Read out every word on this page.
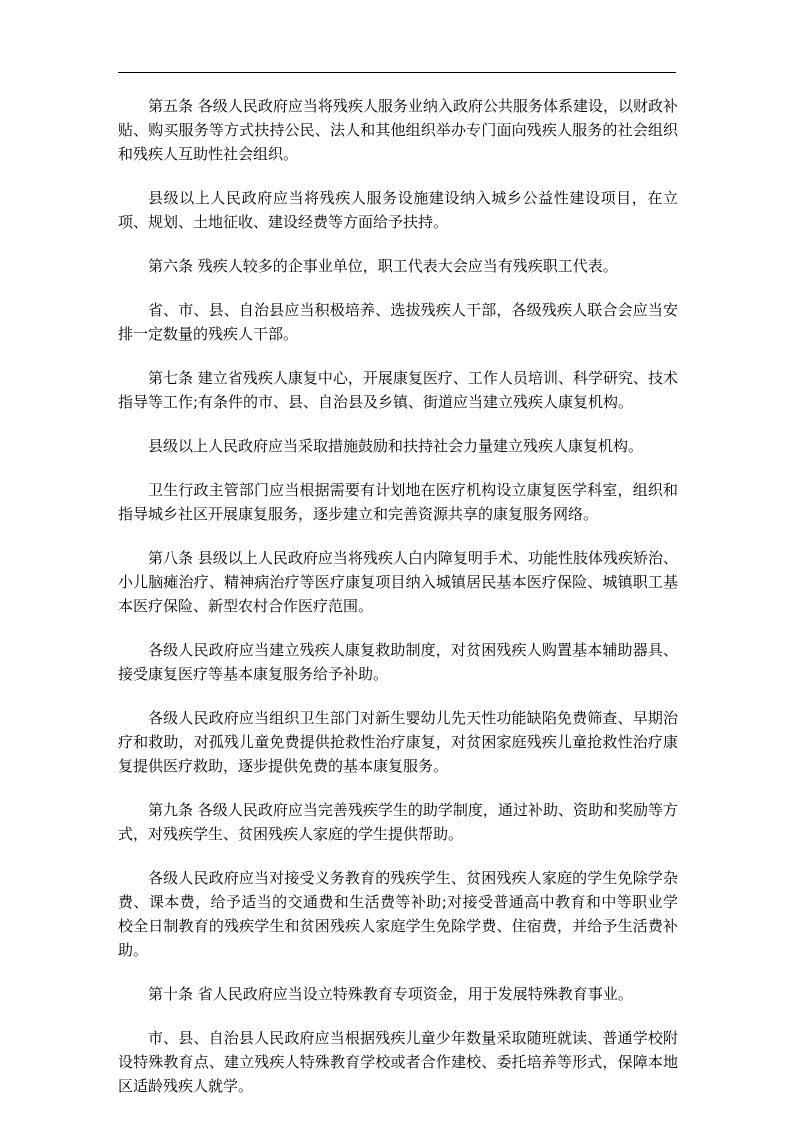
第五条 各级人民政府应当将残疾人服务业纳入政府公共服务体系建设，以财政补贴、购买服务等方式扶持公民、法人和其他组织举办专门面向残疾人服务的社会组织和残疾人互助性社会组织。

县级以上人民政府应当将残疾人服务设施建设纳入城乡公益性建设项目，在立项、规划、土地征收、建设经费等方面给予扶持。

第六条 残疾人较多的企事业单位，职工代表大会应当有残疾职工代表。

省、市、县、自治县应当积极培养、选拔残疾人干部，各级残疾人联合会应当安排一定数量的残疾人干部。

第七条 建立省残疾人康复中心，开展康复医疗、工作人员培训、科学研究、技术指导等工作;有条件的市、县、自治县及乡镇、街道应当建立残疾人康复机构。

县级以上人民政府应当采取措施鼓励和扶持社会力量建立残疾人康复机构。

卫生行政主管部门应当根据需要有计划地在医疗机构设立康复医学科室，组织和指导城乡社区开展康复服务，逐步建立和完善资源共享的康复服务网络。

第八条 县级以上人民政府应当将残疾人白内障复明手术、功能性肢体残疾矫治、小儿脑瘫治疗、精神病治疗等医疗康复项目纳入城镇居民基本医疗保险、城镇职工基本医疗保险、新型农村合作医疗范围。

各级人民政府应当建立残疾人康复救助制度，对贫困残疾人购置基本辅助器具、接受康复医疗等基本康复服务给予补助。

各级人民政府应当组织卫生部门对新生婴幼儿先天性功能缺陷免费筛查、早期治疗和救助，对孤残儿童免费提供抢救性治疗康复，对贫困家庭残疾儿童抢救性治疗康复提供医疗救助，逐步提供免费的基本康复服务。

第九条 各级人民政府应当完善残疾学生的助学制度，通过补助、资助和奖励等方式，对残疾学生、贫困残疾人家庭的学生提供帮助。

各级人民政府应当对接受义务教育的残疾学生、贫困残疾人家庭的学生免除学杂费、课本费，给予适当的交通费和生活费等补助;对接受普通高中教育和中等职业学校全日制教育的残疾学生和贫困残疾人家庭学生免除学费、住宿费，并给予生活费补助。

第十条 省人民政府应当设立特殊教育专项资金，用于发展特殊教育事业。

市、县、自治县人民政府应当根据残疾儿童少年数量采取随班就读、普通学校附设特殊教育点、建立残疾人特殊教育学校或者合作建校、委托培养等形式，保障本地区适龄残疾人就学。
